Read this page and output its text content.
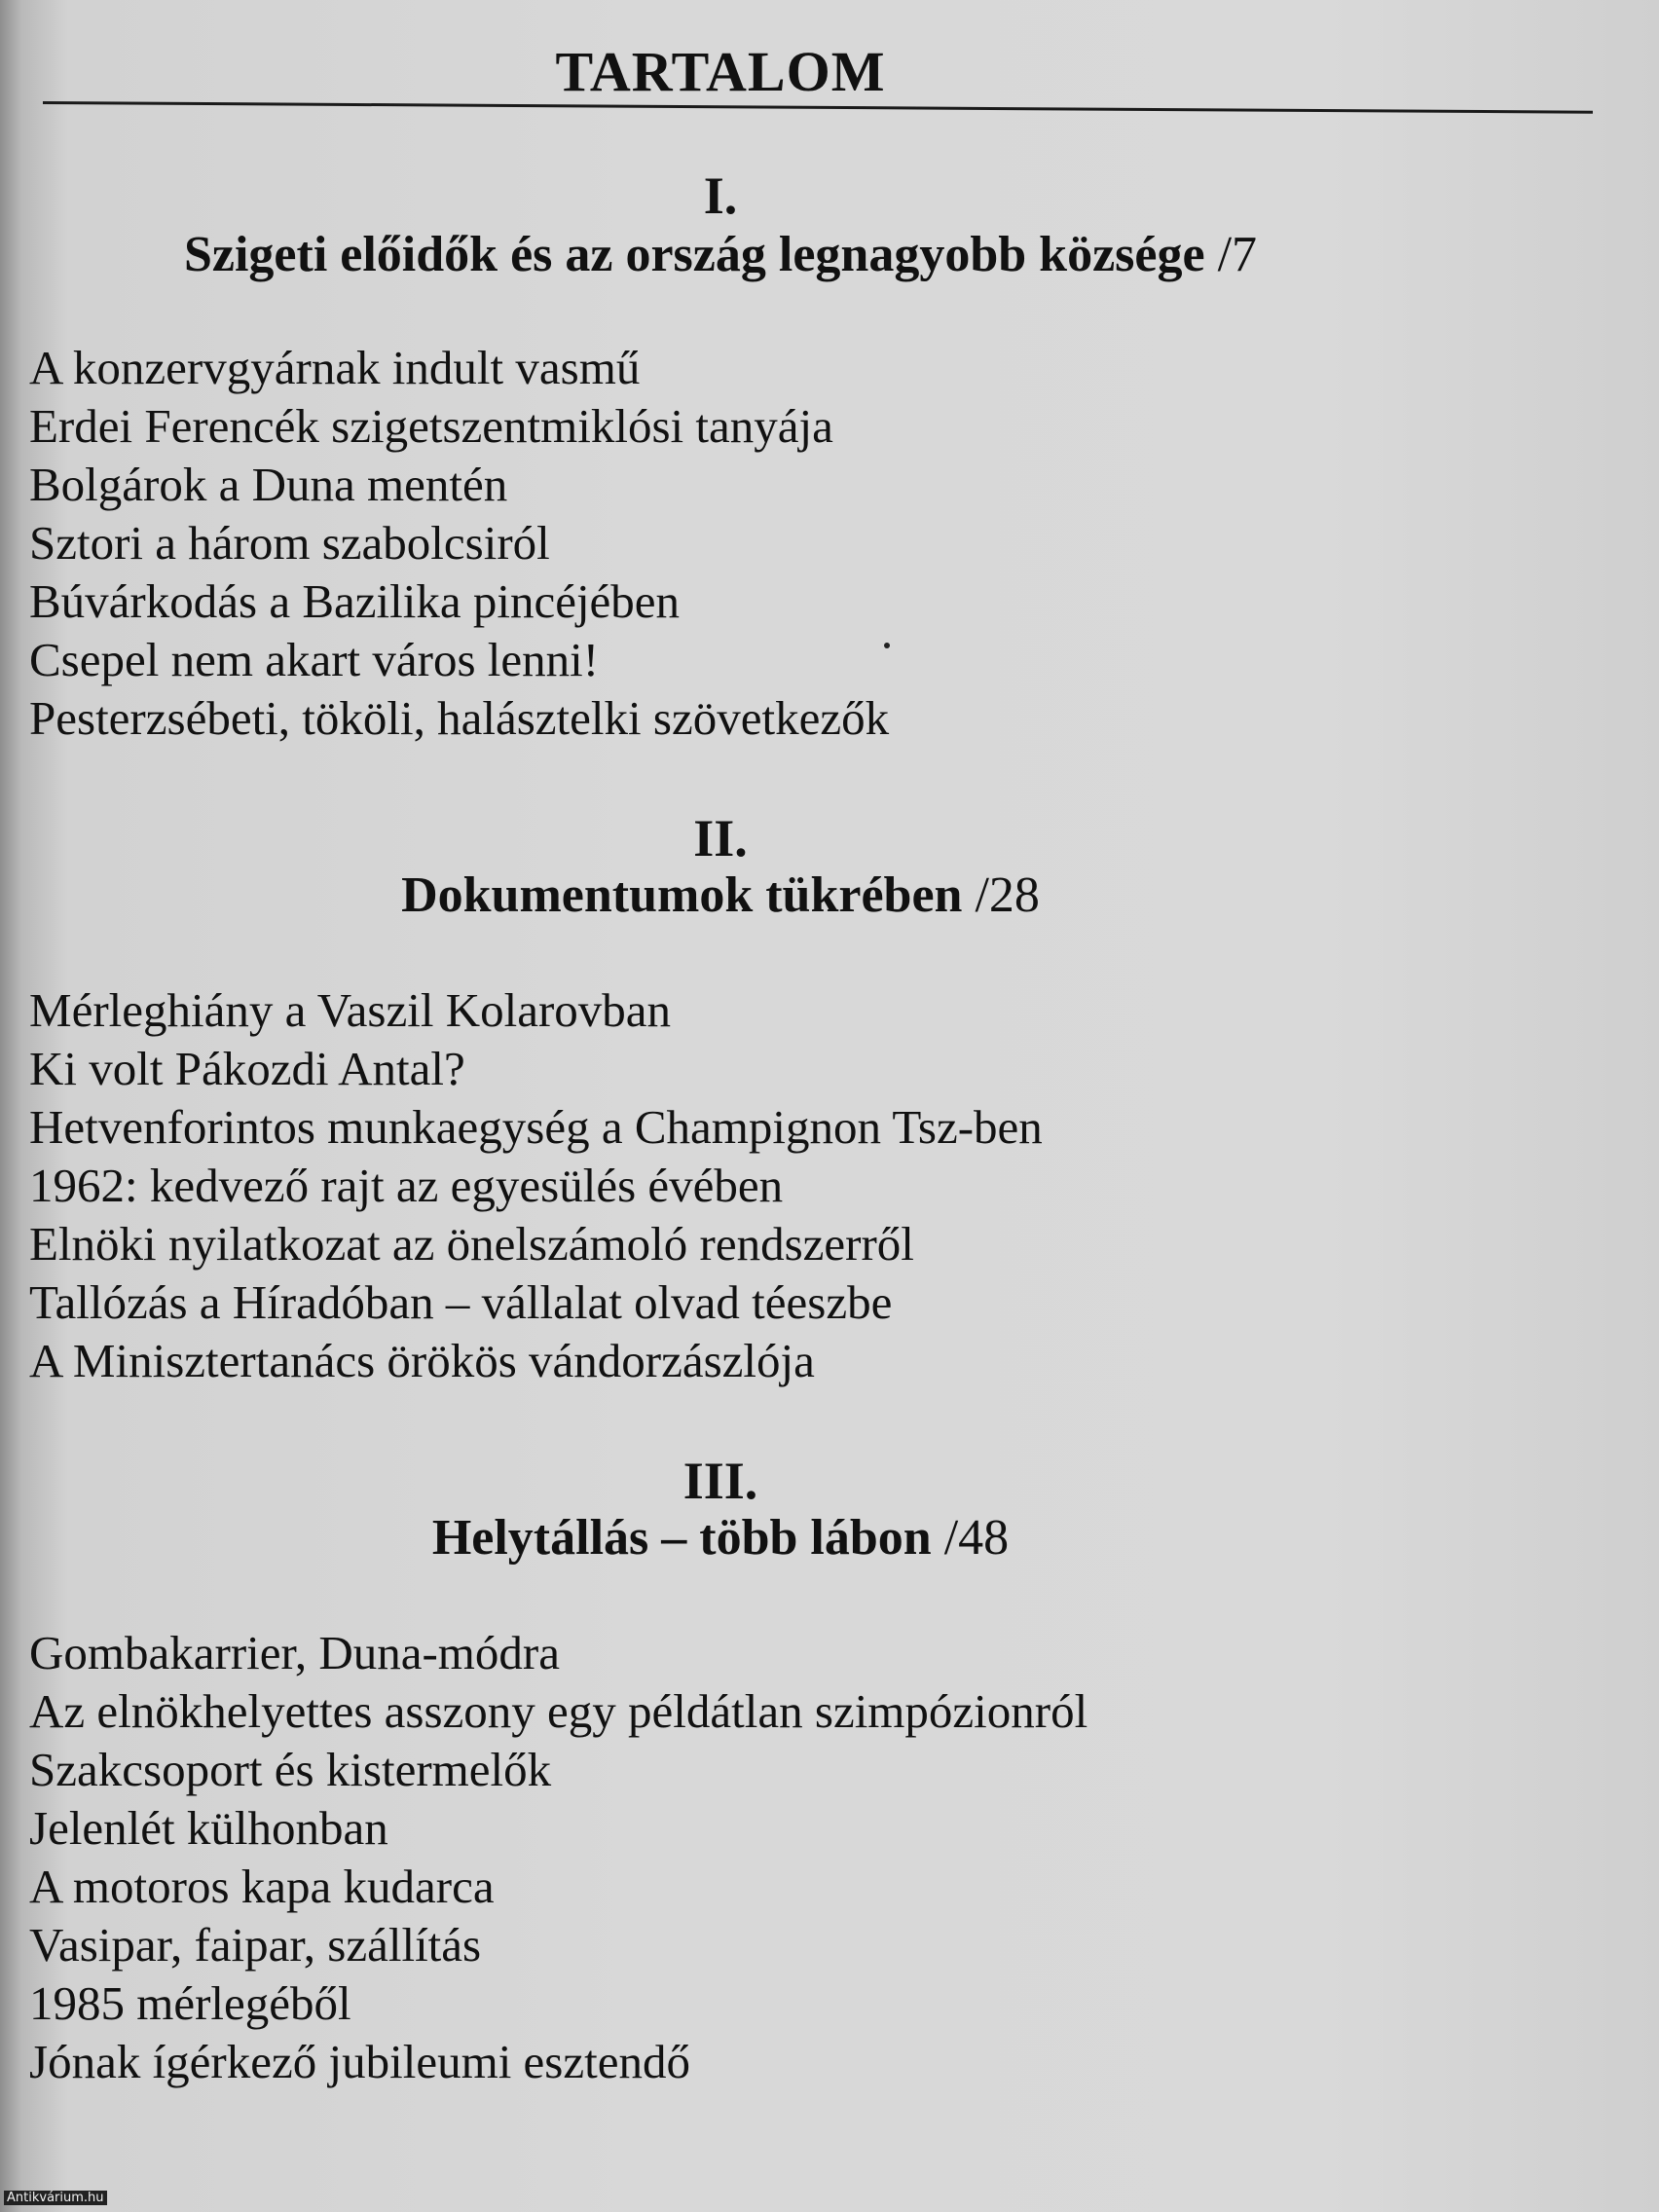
TARTALOM
I.
Szigeti előidők és az ország legnagyobb községe /7
A konzervgyárnak indult vasmű
Erdei Ferencék szigetszentmiklósi tanyája
Bolgárok a Duna mentén
Sztori a három szabolcsiról
Búvárkodás a Bazilika pincéjében
Csepel nem akart város lenni!
Pesterzsébeti, tököli, halásztelki szövetkezők
II.
Dokumentumok tükrében /28
Mérleghiány a Vaszil Kolarovban
Ki volt Pákozdi Antal?
Hetvenforintos munkaegység a Champignon Tsz-ben
1962: kedvező rajt az egyesülés évében
Elnöki nyilatkozat az önelszámoló rendszerről
Tallózás a Híradóban – vállalat olvad téeszbe
A Minisztertanács örökös vándorzászlója
III.
Helytállás – több lábon /48
Gombakarrier, Duna-módra
Az elnökhelyettes asszony egy példátlan szimpózionról
Szakcsoport és kistermelők
Jelenlét külhonban
A motoros kapa kudarca
Vasipar, faipar, szállítás
1985 mérlegéből
Jónak ígérkező jubileumi esztendő
Antikvárium.hu
